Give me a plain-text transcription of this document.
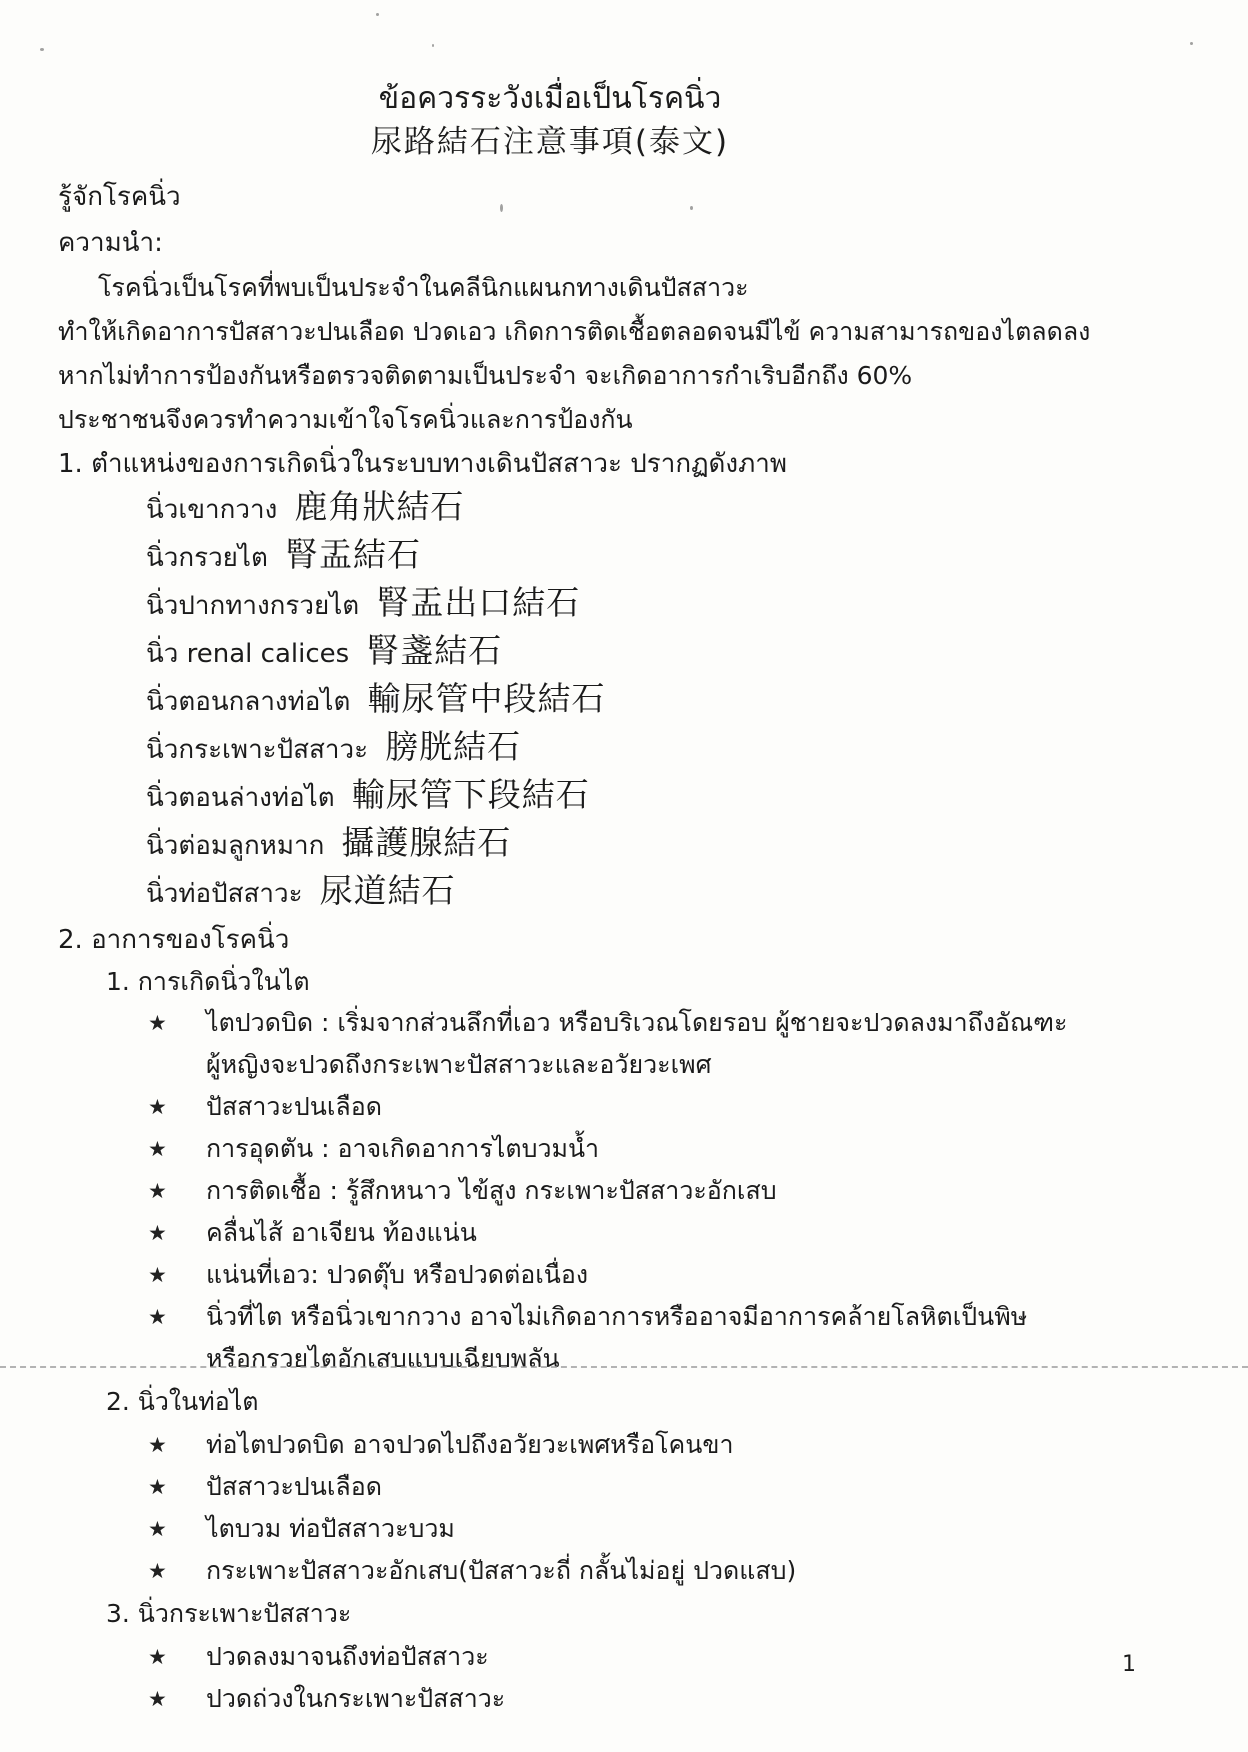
ข้อควรระวังเมื่อเป็นโรคนิ่ว
尿路結石注意事項(泰文)
รู้จักโรคนิ่ว
ความนำ:
โรคนิ่วเป็นโรคที่พบเป็นประจำในคลีนิกแผนกทางเดินปัสสาวะ
ทำให้เกิดอาการปัสสาวะปนเลือด ปวดเอว เกิดการติดเชื้อตลอดจนมีไข้ ความสามารถของไตลดลง
หากไม่ทำการป้องกันหรือตรวจติดตามเป็นประจำ จะเกิดอาการกำเริบอีกถึง 60%
ประชาชนจึงควรทำความเข้าใจโรคนิ่วและการป้องกัน
1. ตำแหน่งของการเกิดนิ่วในระบบทางเดินปัสสาวะ ปรากฏดังภาพ
นิ่วเขากวาง 鹿角狀結石
นิ่วกรวยไต 腎盂結石
นิ่วปากทางกรวยไต 腎盂出口結石
นิ่ว renal calices 腎盞結石
นิ่วตอนกลางท่อไต 輸尿管中段結石
นิ่วกระเพาะปัสสาวะ 膀胱結石
นิ่วตอนล่างท่อไต 輸尿管下段結石
นิ่วต่อมลูกหมาก 攝護腺結石
นิ่วท่อปัสสาวะ 尿道結石
2. อาการของโรคนิ่ว
1. การเกิดนิ่วในไต
★	ไตปวดบิด : เริ่มจากส่วนลึกที่เอว หรือบริเวณโดยรอบ ผู้ชายจะปวดลงมาถึงอัณฑะ
ผู้หญิงจะปวดถึงกระเพาะปัสสาวะและอวัยวะเพศ
★	ปัสสาวะปนเลือด
★	การอุดตัน : อาจเกิดอาการไตบวมน้ำ
★	การติดเชื้อ : รู้สึกหนาว ไข้สูง กระเพาะปัสสาวะอักเสบ
★	คลื่นไส้ อาเจียน ท้องแน่น
★	แน่นที่เอว: ปวดตุ๊บ หรือปวดต่อเนื่อง
★	นิ่วที่ไต หรือนิ่วเขากวาง อาจไม่เกิดอาการหรืออาจมีอาการคล้ายโลหิตเป็นพิษ
หรือกรวยไตอักเสบแบบเฉียบพลัน
2. นิ่วในท่อไต
★	ท่อไตปวดบิด อาจปวดไปถึงอวัยวะเพศหรือโคนขา
★	ปัสสาวะปนเลือด
★	ไตบวม ท่อปัสสาวะบวม
★	กระเพาะปัสสาวะอักเสบ(ปัสสาวะถี่ กลั้นไม่อยู่ ปวดแสบ)
3. นิ่วกระเพาะปัสสาวะ
★	ปวดลงมาจนถึงท่อปัสสาวะ
★	ปวดถ่วงในกระเพาะปัสสาวะ
1
